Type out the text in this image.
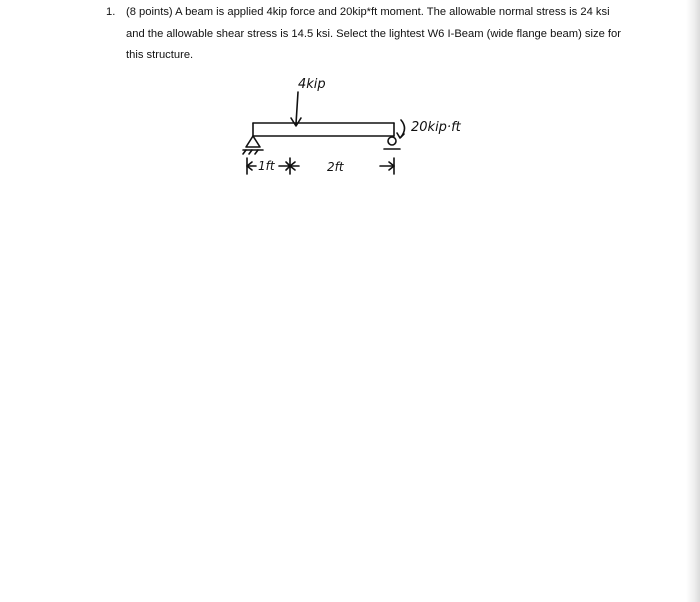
1. (8 points) A beam is applied 4kip force and 20kip*ft moment. The allowable normal stress is 24 ksi and the allowable shear stress is 14.5 ksi. Select the lightest W6 I-Beam (wide flange beam) size for this structure.
4kip
20kip·ft
1ft	2ft
